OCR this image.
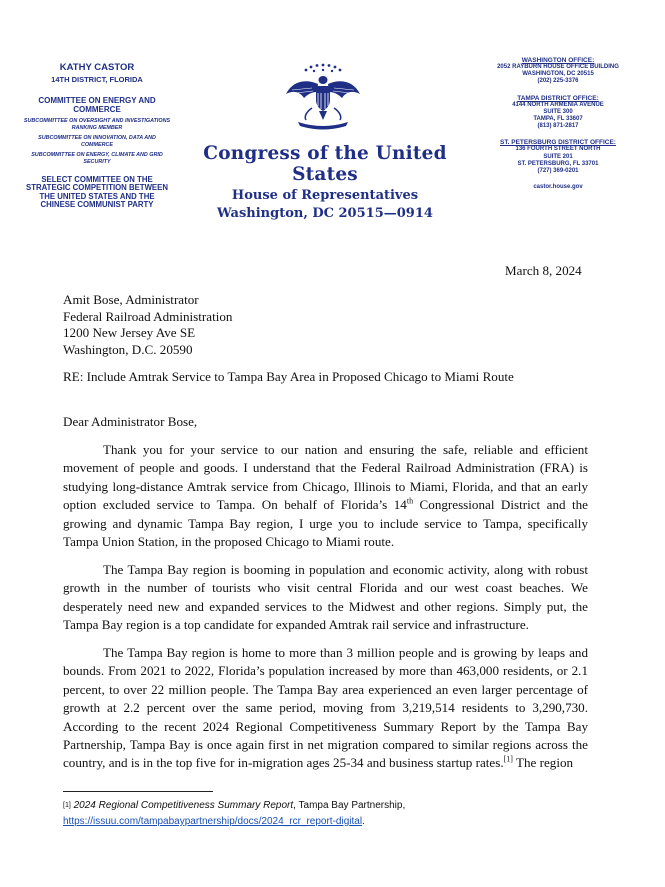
KATHY CASTOR
14TH DISTRICT, FLORIDA
COMMITTEE ON ENERGY AND COMMERCE
SUBCOMMITTEE ON OVERSIGHT AND INVESTIGATIONS RANKING MEMBER
SUBCOMMITTEE ON INNOVATION, DATA AND COMMERCE
SUBCOMMITTEE ON ENERGY, CLIMATE AND GRID SECURITY
SELECT COMMITTEE ON THE STRATEGIC COMPETITION BETWEEN THE UNITED STATES AND THE CHINESE COMMUNIST PARTY
Congress of the United States
House of Representatives
Washington, DC 20515—0914
WASHINGTON OFFICE:
2052 RAYBURN HOUSE OFFICE BUILDING
WASHINGTON, DC 20515
(202) 225-3376
TAMPA DISTRICT OFFICE:
4144 NORTH ARMENIA AVENUE
SUITE 300
TAMPA, FL 33607
(813) 871-2817
ST. PETERSBURG DISTRICT OFFICE:
136 FOURTH STREET NORTH
SUITE 201
ST. PETERSBURG, FL 33701
(727) 369-0201
castor.house.gov
March 8, 2024
Amit Bose, Administrator
Federal Railroad Administration
1200 New Jersey Ave SE
Washington, D.C. 20590
RE: Include Amtrak Service to Tampa Bay Area in Proposed Chicago to Miami Route
Dear Administrator Bose,

Thank you for your service to our nation and ensuring the safe, reliable and efficient movement of people and goods. I understand that the Federal Railroad Administration (FRA) is studying long-distance Amtrak service from Chicago, Illinois to Miami, Florida, and that an early option excluded service to Tampa. On behalf of Florida’s 14th Congressional District and the growing and dynamic Tampa Bay region, I urge you to include service to Tampa, specifically Tampa Union Station, in the proposed Chicago to Miami route.

The Tampa Bay region is booming in population and economic activity, along with robust growth in the number of tourists who visit central Florida and our west coast beaches. We desperately need new and expanded services to the Midwest and other regions. Simply put, the Tampa Bay region is a top candidate for expanded Amtrak rail service and infrastructure.

The Tampa Bay region is home to more than 3 million people and is growing by leaps and bounds. From 2021 to 2022, Florida’s population increased by more than 463,000 residents, or 2.1 percent, to over 22 million people. The Tampa Bay area experienced an even larger percentage of growth at 2.2 percent over the same period, moving from 3,219,514 residents to 3,290,730. According to the recent 2024 Regional Competitiveness Summary Report by the Tampa Bay Partnership, Tampa Bay is once again first in net migration compared to similar regions across the country, and is in the top five for in-migration ages 25-34 and business startup rates.[1] The region

[1] 2024 Regional Competitiveness Summary Report, Tampa Bay Partnership,
https://issuu.com/tampabaypartnership/docs/2024_rcr_report-digital.
